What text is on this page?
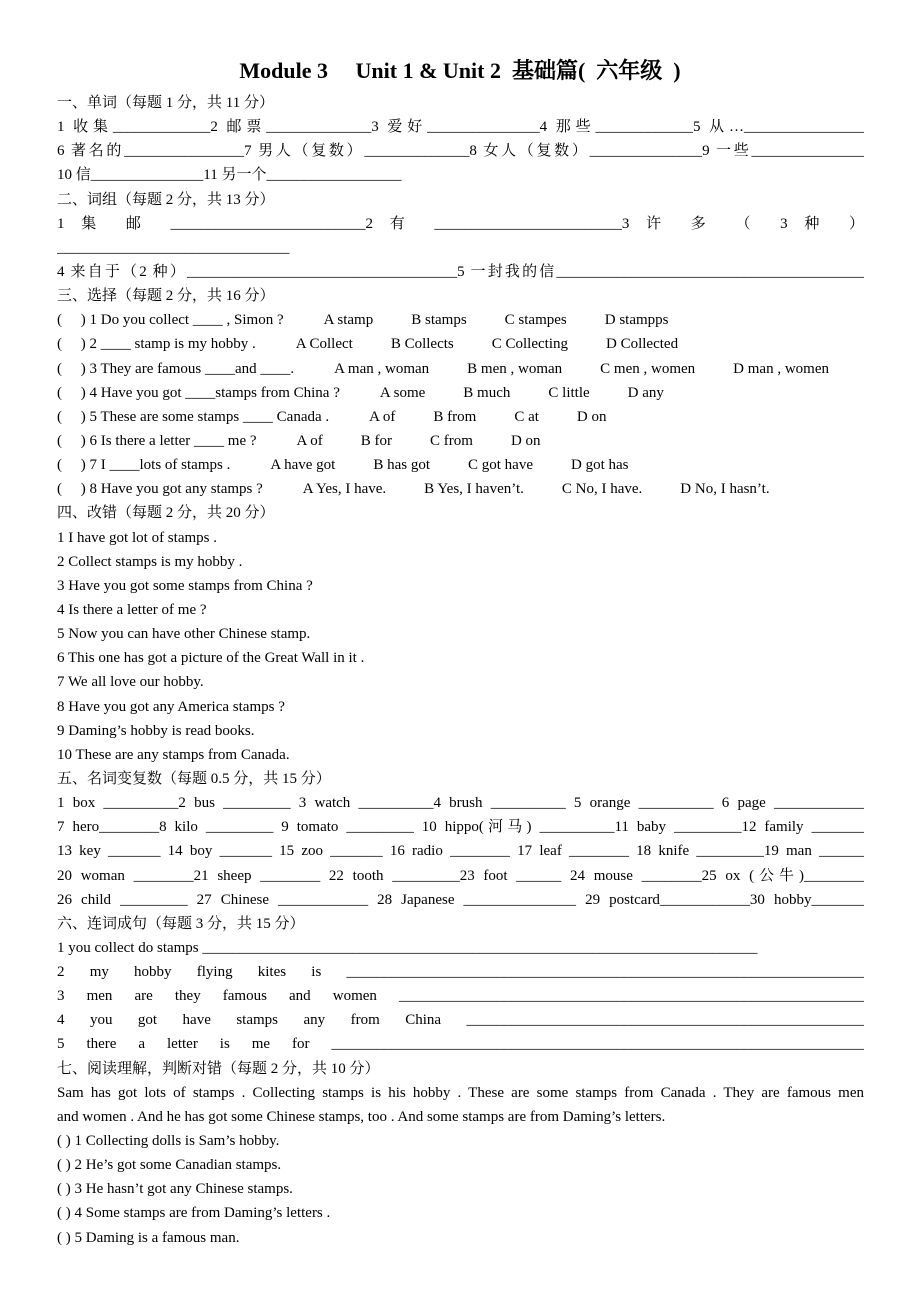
Module 3     Unit 1 & Unit 2  基础篇(  六年级  )
一、单词（每题 1 分，共 11 分）
1 收集_____________2 邮票______________3 爱好_______________4 那些_____________5 从…________________
6 著名的________________7 男人（复数）______________8 女人（复数）_______________9 一些_______________
10 信_______________11 另一个__________________
二、词组（每题 2 分，共 13 分）
1 集 邮 __________________________2 有 _________________________3 许 多 （ 3 种 ）
_______________________________
4 来自于（2 种）____________________________________5 一封我的信_________________________________________
三、选择（每题 2 分，共 16 分）
(     ) 1 Do you collect ____ , Simon ?	A stamp	B stamps	C stampes	D stampps
(     ) 2 ____ stamp is my hobby .	A Collect	B Collects	C Collecting	D Collected
(     ) 3 They are famous ____and ____.	A man , woman	B men , woman	C men , women	D man , women
(     ) 4 Have you got ____stamps from China ?	A some	B much	C little	D any
(     ) 5 These are some stamps ____ Canada .	A of	B from	C at	D on
(     ) 6 Is there a letter ____ me ?	A of	B for	C from	D on
(     ) 7 I ____lots of stamps .	A have got	B has got	C got have	D got has
(     ) 8 Have you got any stamps ?	A Yes, I have.	B Yes, I haven’t.	C No, I have.	D No, I hasn’t.
四、改错（每题 2 分，共 20 分）
1 I have got lot of stamps .
2 Collect stamps is my hobby .
3 Have you got some stamps from China ?
4 Is there a letter of me ?
5 Now you can have other Chinese stamp.
6 This one has got a picture of the Great Wall in it .
7 We all love our hobby.
8 Have you got any America stamps ?
9 Daming’s hobby is read books.
10 These are any stamps from Canada.
五、名词变复数（每题 0.5 分，共 15 分）
1 box __________2 bus _________ 3 watch __________4 brush __________ 5 orange __________ 6 page ____________
7 hero________8 kilo _________ 9 tomato _________ 10 hippo(河马) __________11 baby _________12 family _______
13 key _______ 14 boy _______ 15 zoo _______ 16 radio ________ 17 leaf ________ 18 knife _________19 man ______
20 woman ________21 sheep ________ 22 tooth _________23 foot ______ 24 mouse ________25 ox (公牛)________
26 child _________ 27 Chinese ____________ 28 Japanese _______________ 29 postcard____________30 hobby_______
六、连词成句（每题 3 分，共 15 分）
1 you collect do stamps __________________________________________________________________________
2 my hobby flying kites is _____________________________________________________________________
3 men are they famous and women ______________________________________________________________
4 you got have stamps any from China _____________________________________________________
5 there a letter is me for _______________________________________________________________________
七、阅读理解，判断对错（每题 2 分，共 10 分）
Sam has got lots of stamps . Collecting stamps is his hobby . These are some stamps from Canada . They are famous men
and women . And he has got some Chinese stamps, too . And some stamps are from Daming’s letters.
( ) 1 Collecting dolls is Sam’s hobby.
( ) 2 He’s got some Canadian stamps.
( ) 3 He hasn’t got any Chinese stamps.
( ) 4 Some stamps are from Daming’s letters .
( ) 5 Daming is a famous man.
